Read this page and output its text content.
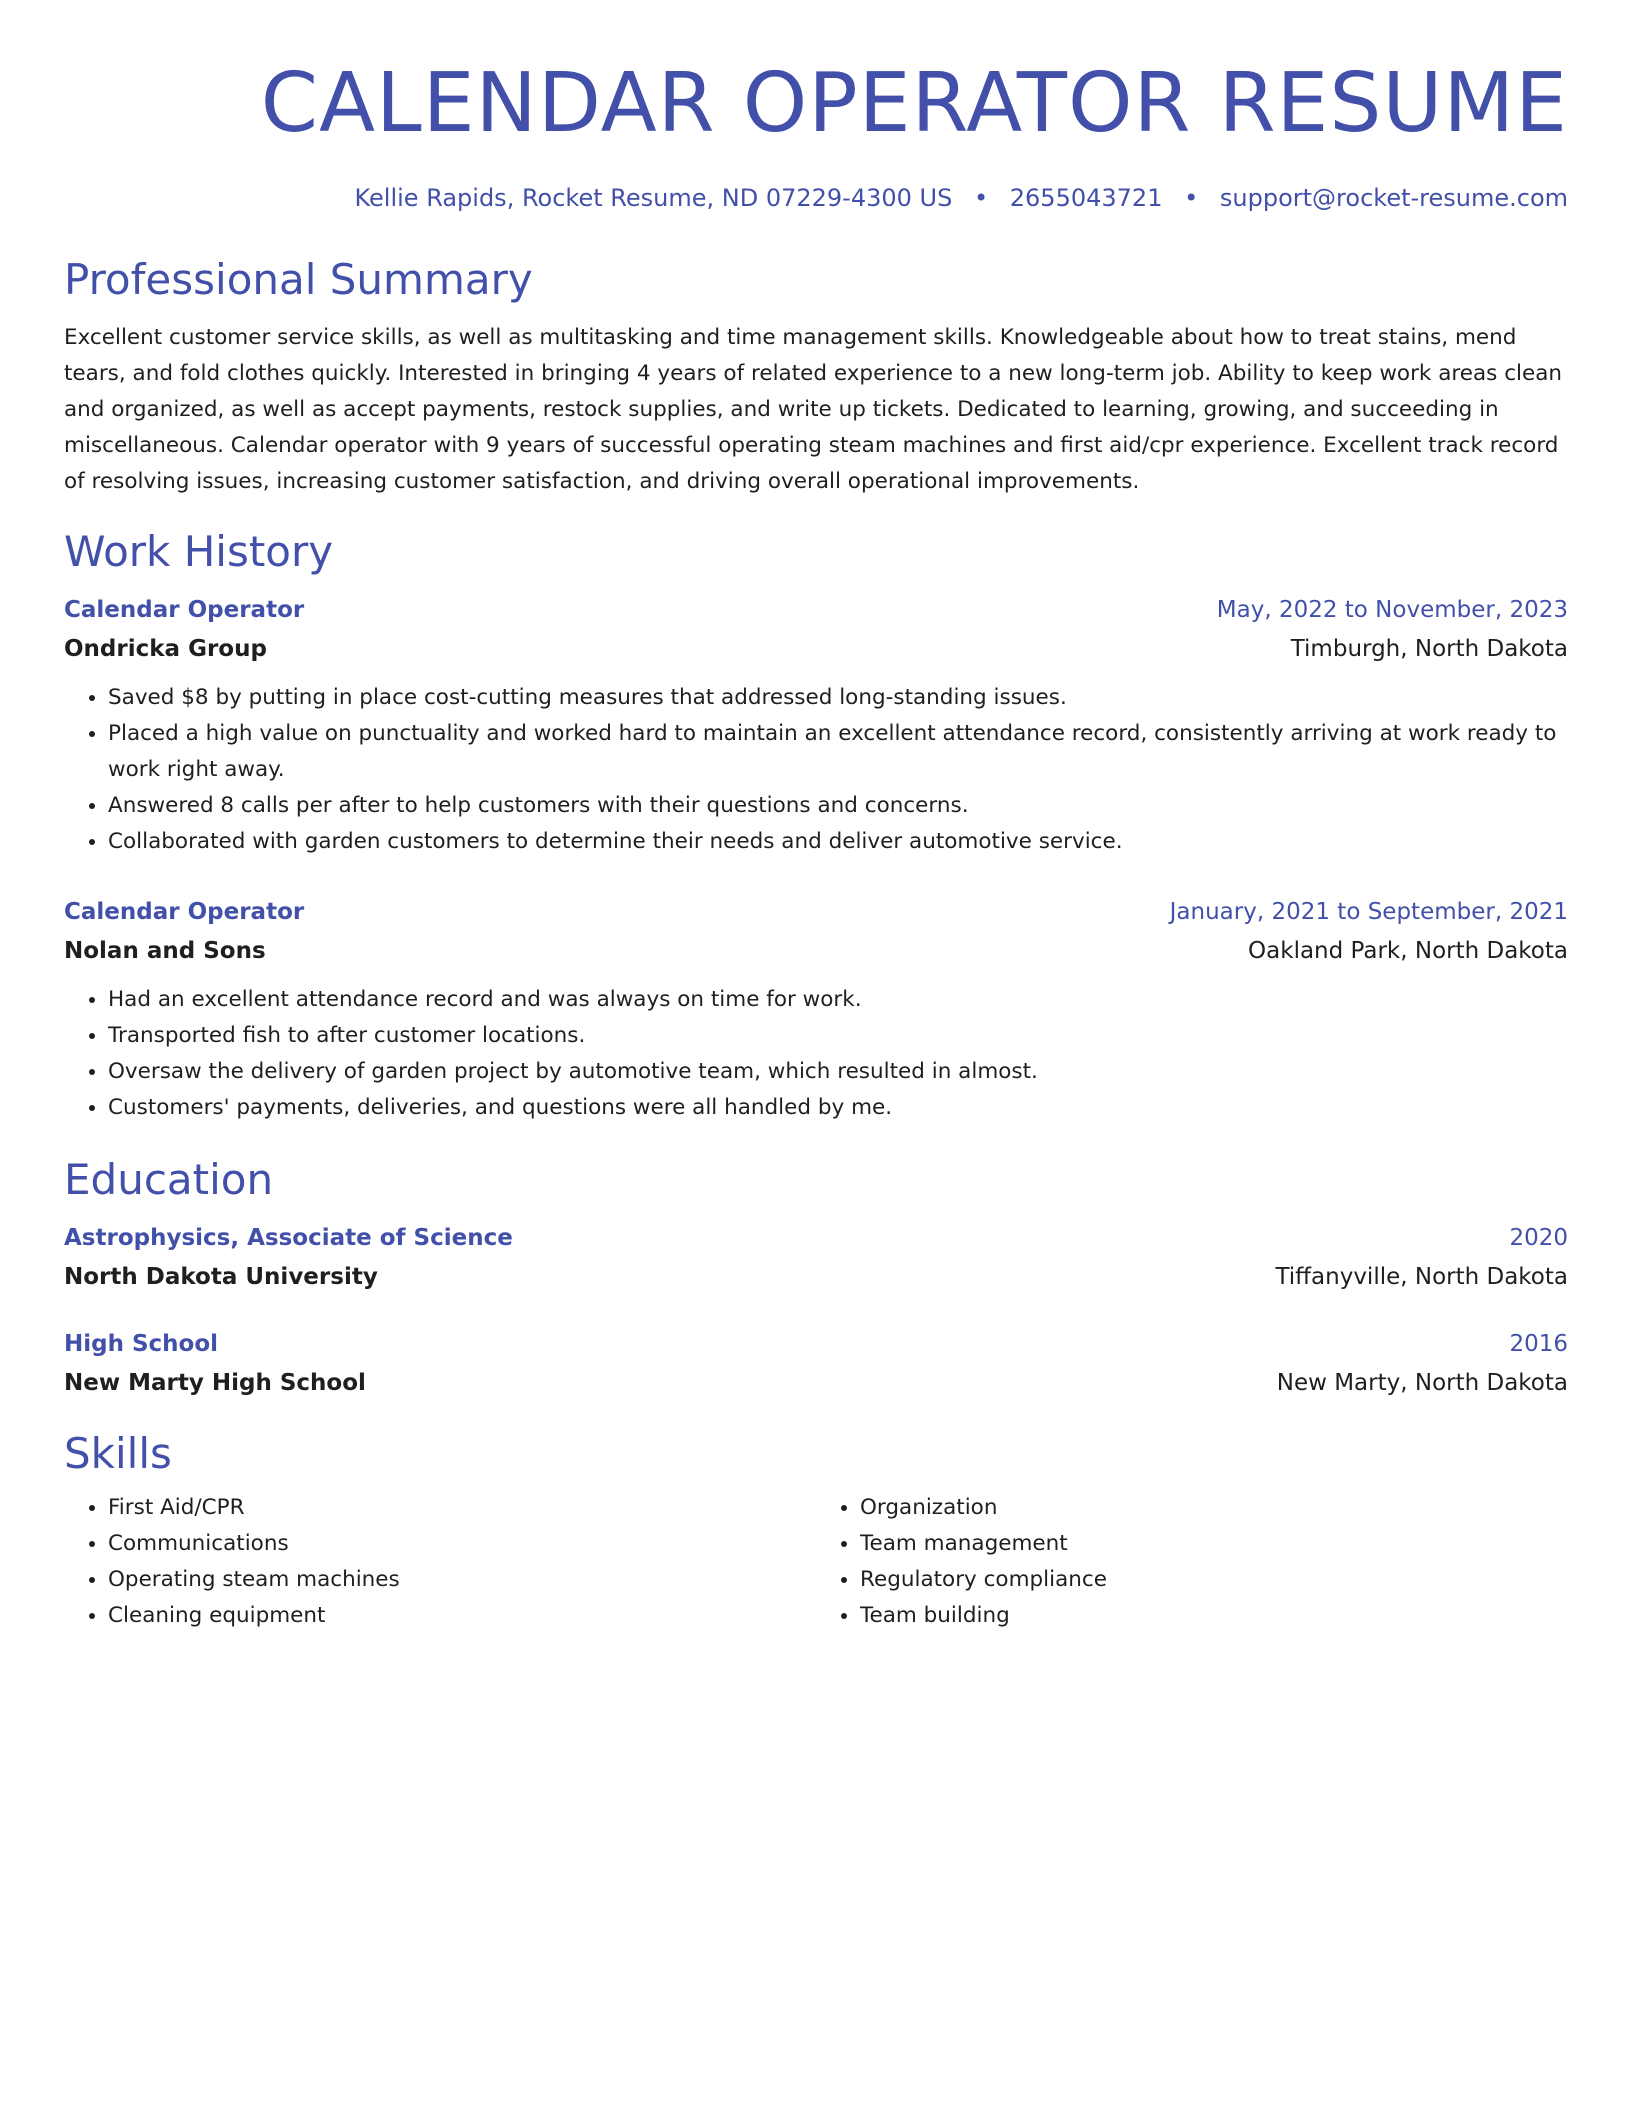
CALENDAR OPERATOR RESUME
Kellie Rapids, Rocket Resume, ND 07229-4300 US • 2655043721 • support@rocket-resume.com
Professional Summary
Excellent customer service skills, as well as multitasking and time management skills. Knowledgeable about how to treat stains, mend tears, and fold clothes quickly. Interested in bringing 4 years of related experience to a new long-term job. Ability to keep work areas clean and organized, as well as accept payments, restock supplies, and write up tickets. Dedicated to learning, growing, and succeeding in miscellaneous. Calendar operator with 9 years of successful operating steam machines and first aid/cpr experience. Excellent track record of resolving issues, increasing customer satisfaction, and driving overall operational improvements.
Work History
Calendar Operator	May, 2022 to November, 2023
Ondricka Group	Timburgh, North Dakota
• Saved $8 by putting in place cost-cutting measures that addressed long-standing issues.
• Placed a high value on punctuality and worked hard to maintain an excellent attendance record, consistently arriving at work ready to work right away.
• Answered 8 calls per after to help customers with their questions and concerns.
• Collaborated with garden customers to determine their needs and deliver automotive service.
Calendar Operator	January, 2021 to September, 2021
Nolan and Sons	Oakland Park, North Dakota
• Had an excellent attendance record and was always on time for work.
• Transported fish to after customer locations.
• Oversaw the delivery of garden project by automotive team, which resulted in almost.
• Customers' payments, deliveries, and questions were all handled by me.
Education
Astrophysics, Associate of Science	2020
North Dakota University	Tiffanyville, North Dakota
High School	2016
New Marty High School	New Marty, North Dakota
Skills
• First Aid/CPR
• Communications
• Operating steam machines
• Cleaning equipment
• Organization
• Team management
• Regulatory compliance
• Team building
